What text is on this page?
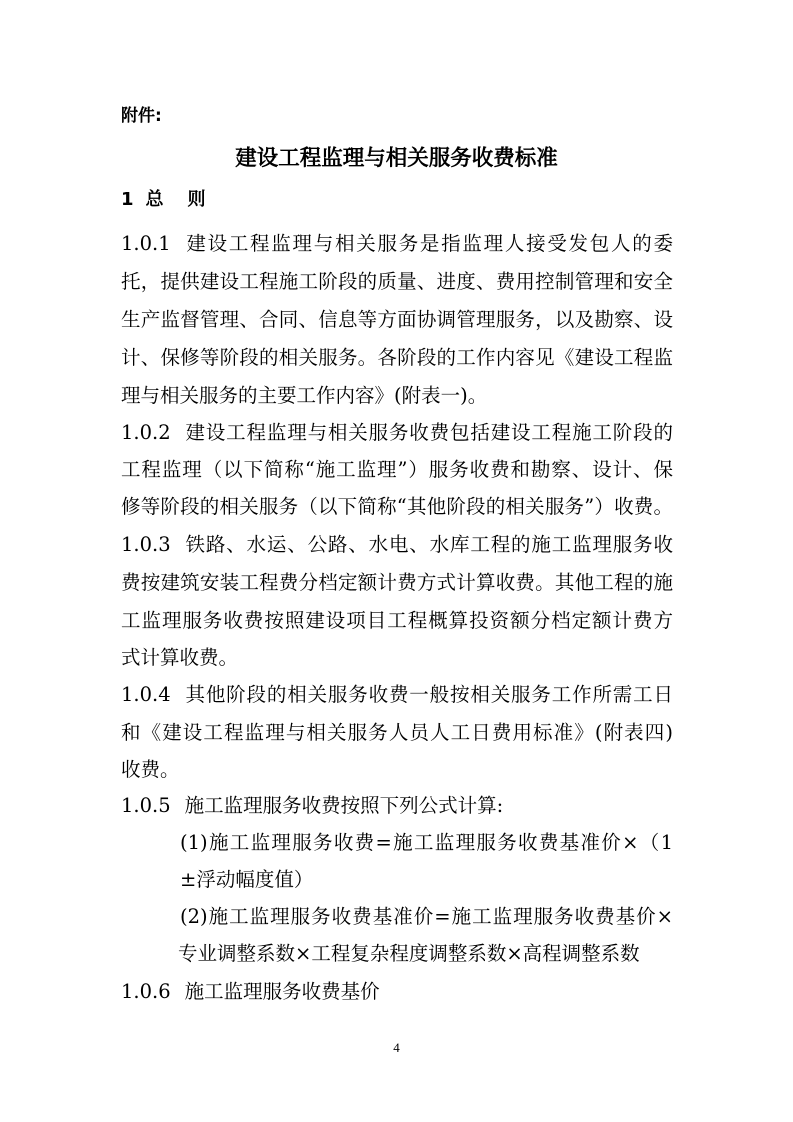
附件:
建设工程监理与相关服务收费标准
1 总 则
1.0.1 建设工程监理与相关服务是指监理人接受发包人的委
托，提供建设工程施工阶段的质量、进度、费用控制管理和安全
生产监督管理、合同、信息等方面协调管理服务，以及勘察、设
计、保修等阶段的相关服务。各阶段的工作内容见《建设工程监
理与相关服务的主要工作内容》(附表一)。
1.0.2 建设工程监理与相关服务收费包括建设工程施工阶段的
工程监理（以下简称“施工监理”）服务收费和勘察、设计、保
修等阶段的相关服务（以下简称“其他阶段的相关服务”）收费。
1.0.3 铁路、水运、公路、水电、水库工程的施工监理服务收
费按建筑安装工程费分档定额计费方式计算收费。其他工程的施
工监理服务收费按照建设项目工程概算投资额分档定额计费方
式计算收费。
1.0.4 其他阶段的相关服务收费一般按相关服务工作所需工日
和《建设工程监理与相关服务人员人工日费用标准》(附表四)
收费。
1.0.5 施工监理服务收费按照下列公式计算:
(1)施工监理服务收费=施工监理服务收费基准价×（1
±浮动幅度值）
(2)施工监理服务收费基准价=施工监理服务收费基价×
专业调整系数×工程复杂程度调整系数×高程调整系数
1.0.6 施工监理服务收费基价
4
